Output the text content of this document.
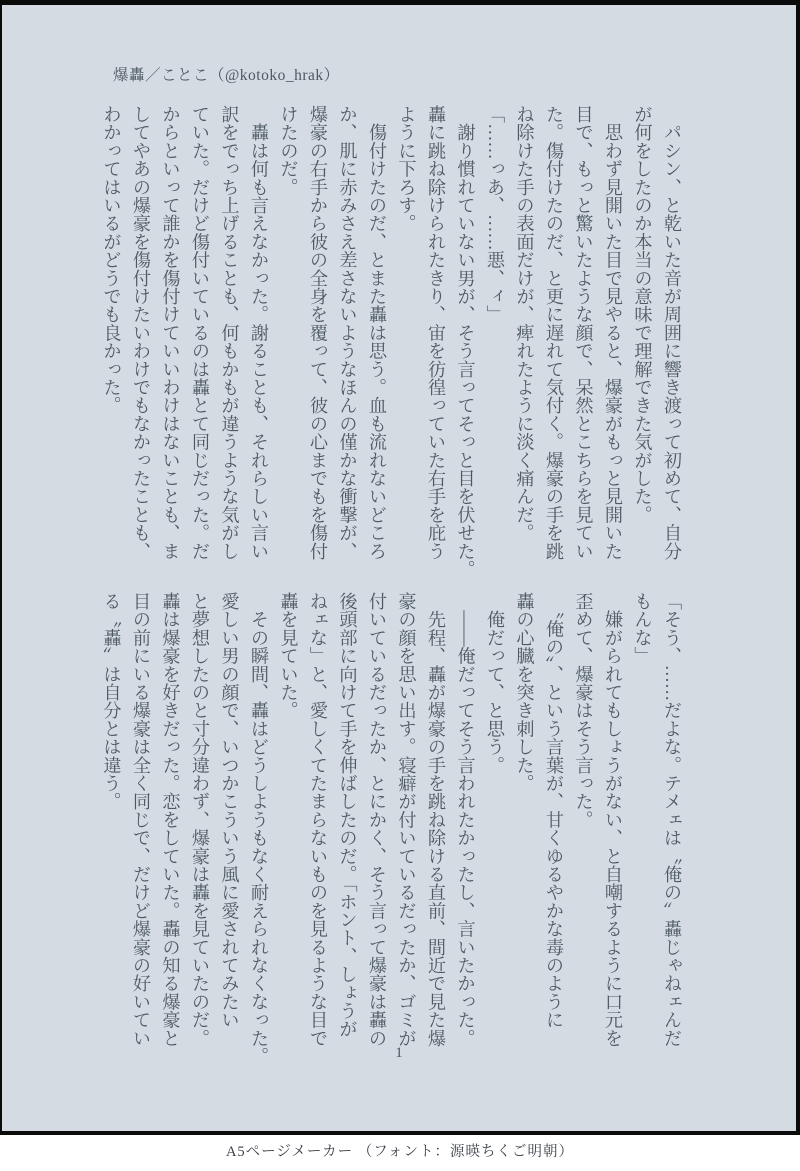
爆轟／ことこ（@kotoko_hrak）
　パシン、と乾いた音が周囲に響き渡って初めて、自分
が何をしたのか本当の意味で理解できた気がした。
　思わず見開いた目で見やると、爆豪がもっと見開いた
目で、もっと驚いたような顔で、呆然とこちらを見てい
た。傷付けたのだ、と更に遅れて気付く。爆豪の手を跳
ね除けた手の表面だけが、痺れたように淡く痛んだ。
「……っあ、……悪、ィ」
　謝り慣れていない男が、そう言ってそっと目を伏せた。
轟に跳ね除けられたきり、宙を彷徨っていた右手を庇う
ように下ろす。
　傷付けたのだ、とまた轟は思う。血も流れないどころ
か、肌に赤みさえ差さないようなほんの僅かな衝撃が、
爆豪の右手から彼の全身を覆って、彼の心までもを傷付
けたのだ。
　轟は何も言えなかった。謝ることも、それらしい言い
訳をでっち上げることも、何もかもが違うような気がし
ていた。だけど傷付いているのは轟とて同じだった。だ
からといって誰かを傷付けていいわけはないことも、ま
してやあの爆豪を傷付けたいわけでもなかったことも、
わかってはいるがどうでも良かった。
「そう、……だよな。テメェは〝俺の〟轟じゃねェんだ
もんな」
　嫌がられてもしょうがない、と自嘲するように口元を
歪めて、爆豪はそう言った。
　〝俺の〟、という言葉が、甘くゆるやかな毒のように
轟の心臓を突き刺した。
　俺だって、と思う。
　――俺だってそう言われたかったし、言いたかった。
　先程、轟が爆豪の手を跳ね除ける直前、間近で見た爆
豪の顔を思い出す。寝癖が付いているだったか、ゴミが
付いているだったか、とにかく、そう言って爆豪は轟の
後頭部に向けて手を伸ばしたのだ。「ホント、しょうが
ねェな」と、愛しくてたまらないものを見るような目で
轟を見ていた。
　その瞬間、轟はどうしようもなく耐えられなくなった。
愛しい男の顔で、いつかこういう風に愛されてみたい
と夢想したのと寸分違わず、爆豪は轟を見ていたのだ。
轟は爆豪を好きだった。恋をしていた。轟の知る爆豪と
目の前にいる爆豪は全く同じで、だけど爆豪の好いてい
る〝轟〟は自分とは違う。
1
A5ページメーカー （フォント：源暎ちくご明朝）
